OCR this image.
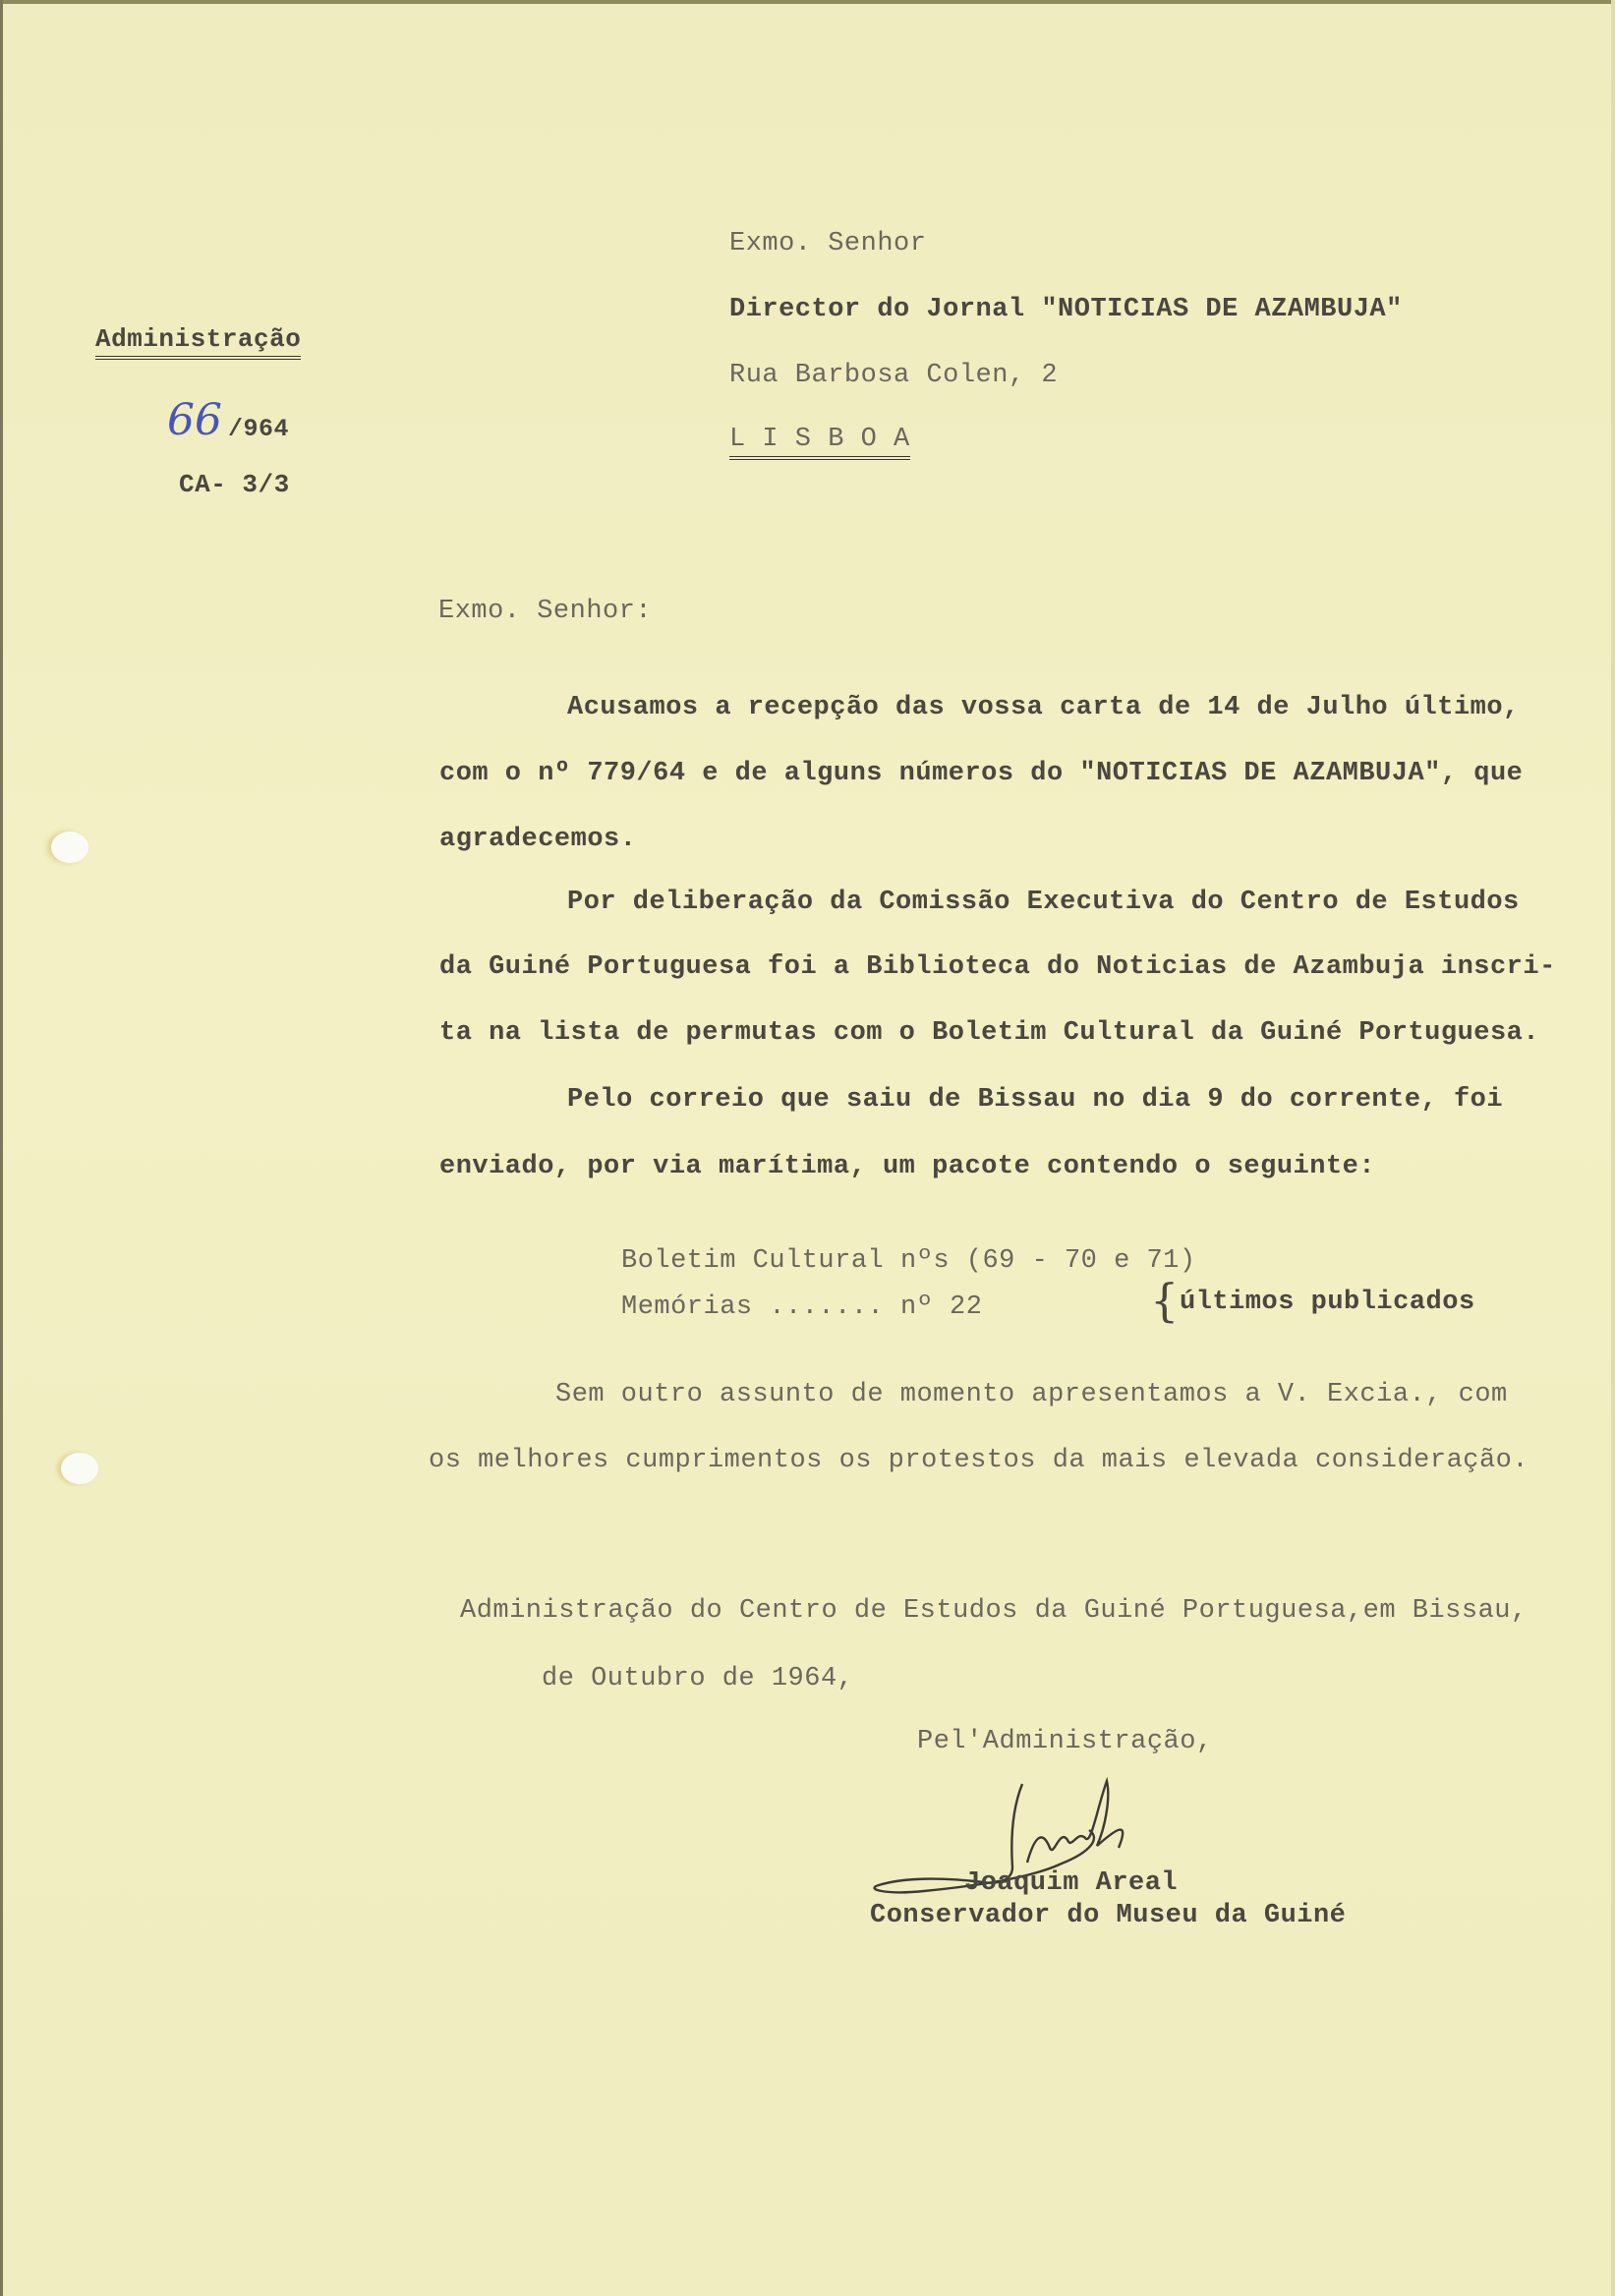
Administração
66 /964
CA- 3/3
Exmo. Senhor
Director do Jornal "NOTICIAS DE AZAMBUJA"
Rua Barbosa Colen, 2
L I S B O A
Exmo. Senhor:
Acusamos a recepção das vossa carta de 14 de Julho último,
com o nº 779/64 e de alguns números do "NOTICIAS DE AZAMBUJA", que
agradecemos.
Por deliberação da Comissão Executiva do Centro de Estudos
da Guiné Portuguesa foi a Biblioteca do Noticias de Azambuja inscri-
ta na lista de permutas com o Boletim Cultural da Guiné Portuguesa.
Pelo correio que saiu de Bissau no dia 9 do corrente, foi
enviado, por via marítima, um pacote contendo o seguinte:
Boletim Cultural nºs (69 - 70 e 71)
Memórias ....... nº 22	{ últimos publicados
Sem outro assunto de momento apresentamos a V. Excia., com
os melhores cumprimentos os protestos da mais elevada consideração.
Administração do Centro de Estudos da Guiné Portuguesa,em Bissau,
de Outubro de 1964,
Pel'Administração,
Joaquim Areal
Conservador do Museu da Guiné
